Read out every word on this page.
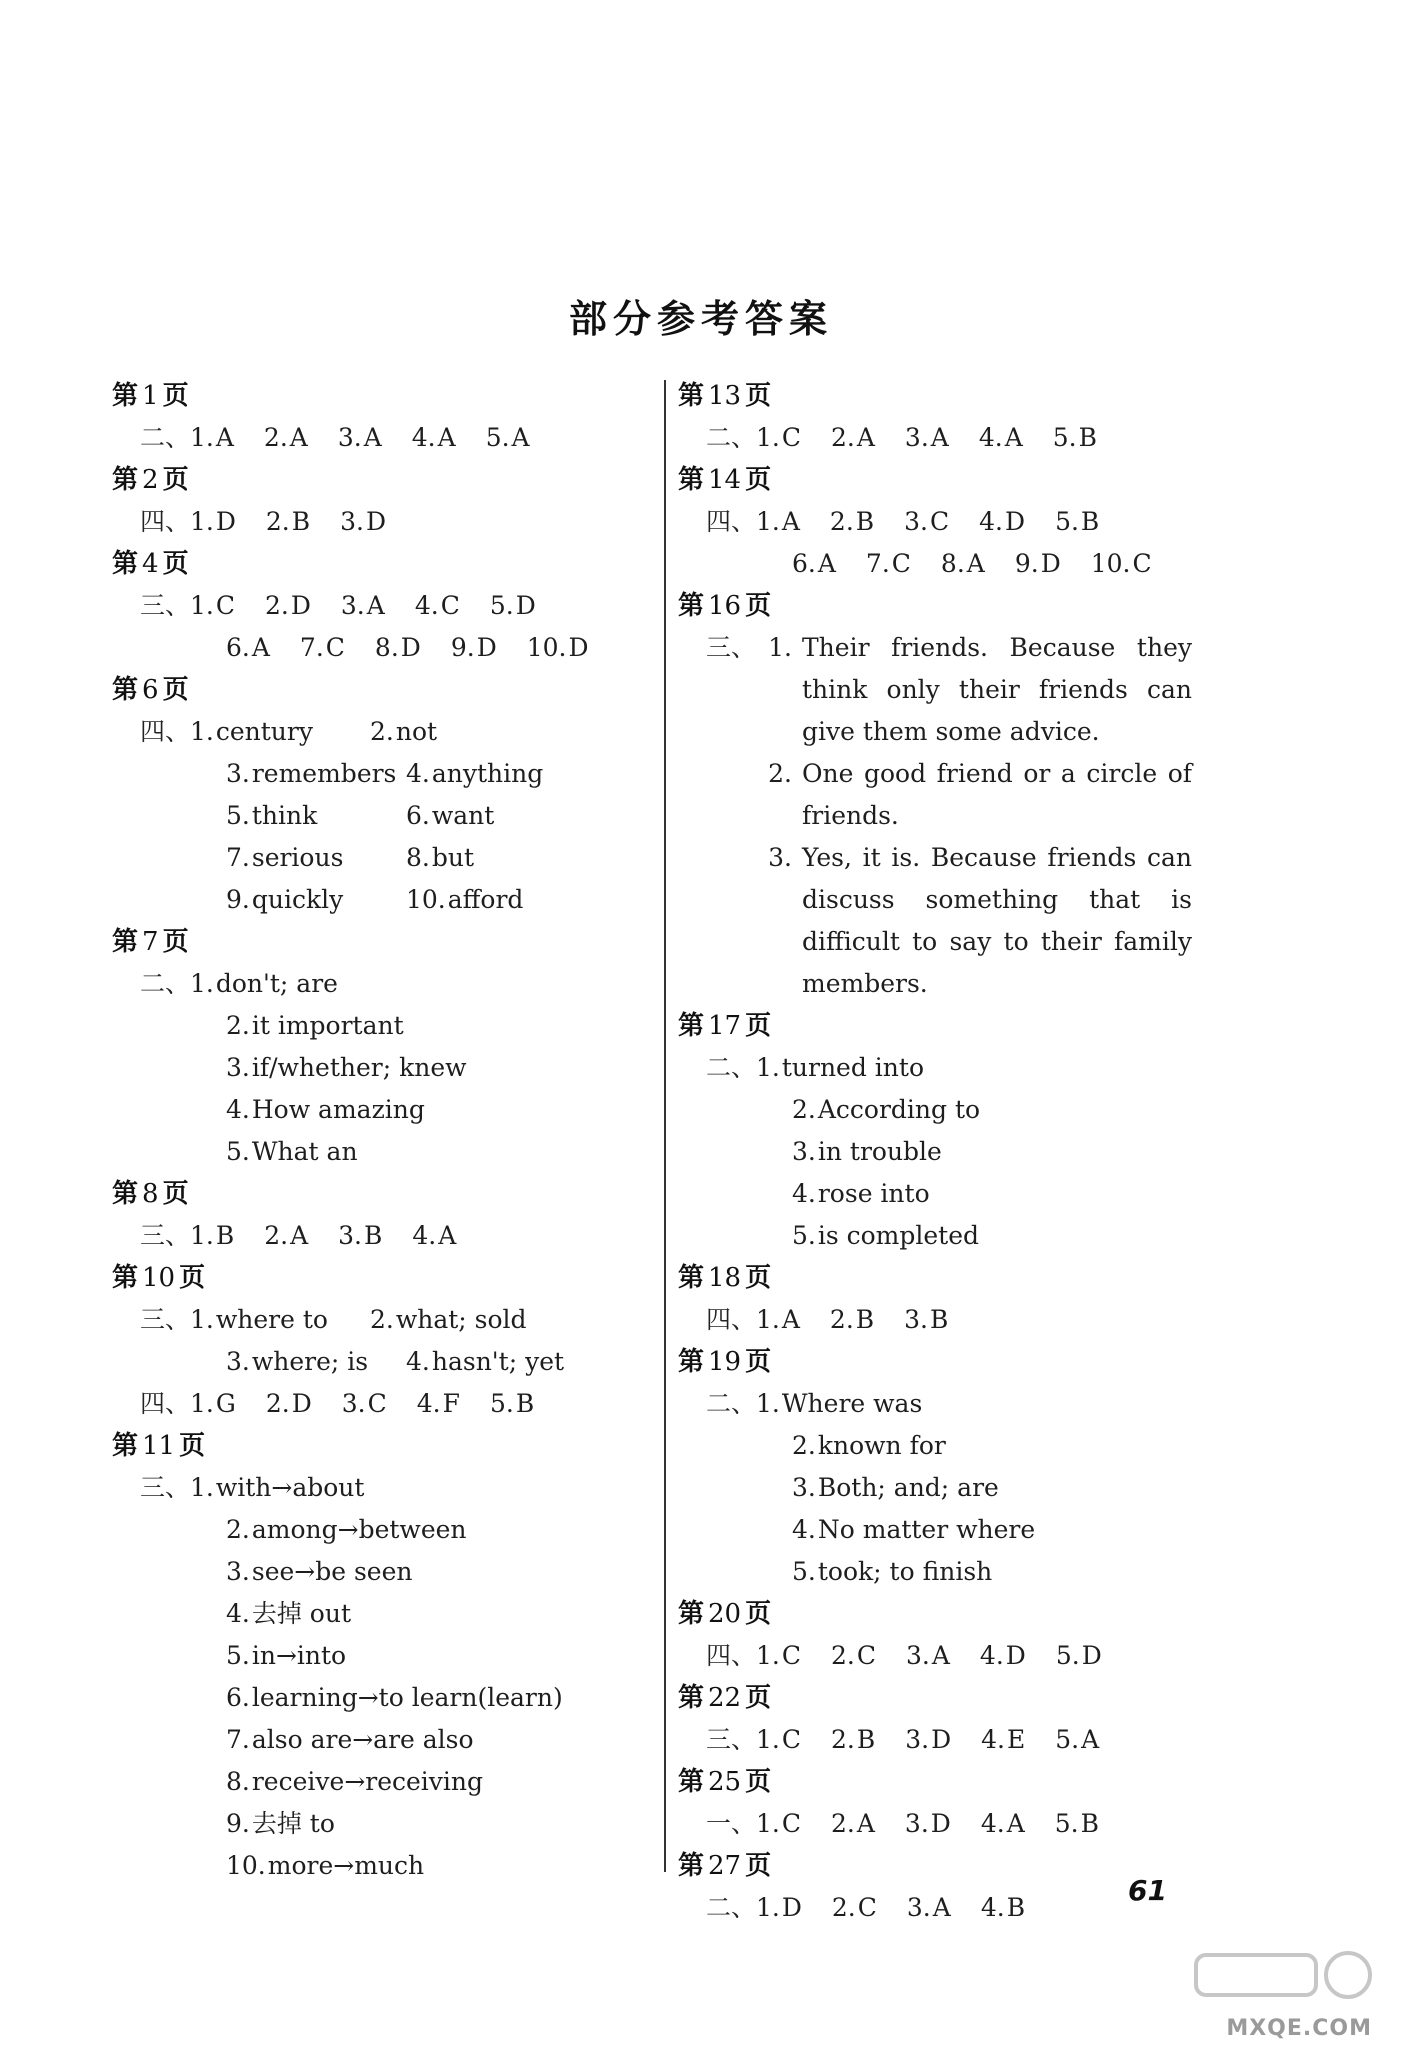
部分参考答案
第 1 页
二、 1.A 2.A 3.A 4.A 5.A
第 2 页
四、 1.D 2.B 3.D
第 4 页
三、 1.C 2.D 3.A 4.C 5.D
6.A 7.C 8.D 9.D 10.D
第 6 页
四、 1.century	2.not
3.remembers 4.anything
5.think	6.want
7.serious	8.but
9.quickly	10.afford
第 7 页
二、 1.don't; are
2.it important
3.if/whether; knew
4.How amazing
5.What an
第 8 页
三、 1.B 2.A 3.B 4.A
第 10 页
三、 1.where to	2.what; sold
3.where; is	4.hasn't; yet
四、 1.G 2.D 3.C 4.F 5.B
第 11 页
三、 1.with→about
2.among→between
3.see→be seen
4.去掉 out
5.in→into
6.learning→to learn(learn)
7.also are→are also
8.receive→receiving
9.去掉 to
10.more→much
第 13 页
二、 1.C 2.A 3.A 4.A 5.B
第 14 页
四、 1.A 2.B 3.C 4.D 5.B
6.A 7.C 8.A 9.D 10.C
第 16 页
三、 1. Their friends. Because they think only their friends can give them some advice.
2. One good friend or a circle of friends.
3. Yes, it is. Because friends can discuss something that is difficult to say to their family members.
第 17 页
二、 1.turned into
2.According to
3.in trouble
4.rose into
5.is completed
第 18 页
四、 1.A 2.B 3.B
第 19 页
二、 1.Where was
2.known for
3.Both; and; are
4.No matter where
5.took; to finish
第 20 页
四、 1.C 2.C 3.A 4.D 5.D
第 22 页
三、 1.C 2.B 3.D 4.E 5.A
第 25 页
一、 1.C 2.A 3.D 4.A 5.B
第 27 页
二、 1.D 2.C 3.A 4.B
61
MXQE.COM
